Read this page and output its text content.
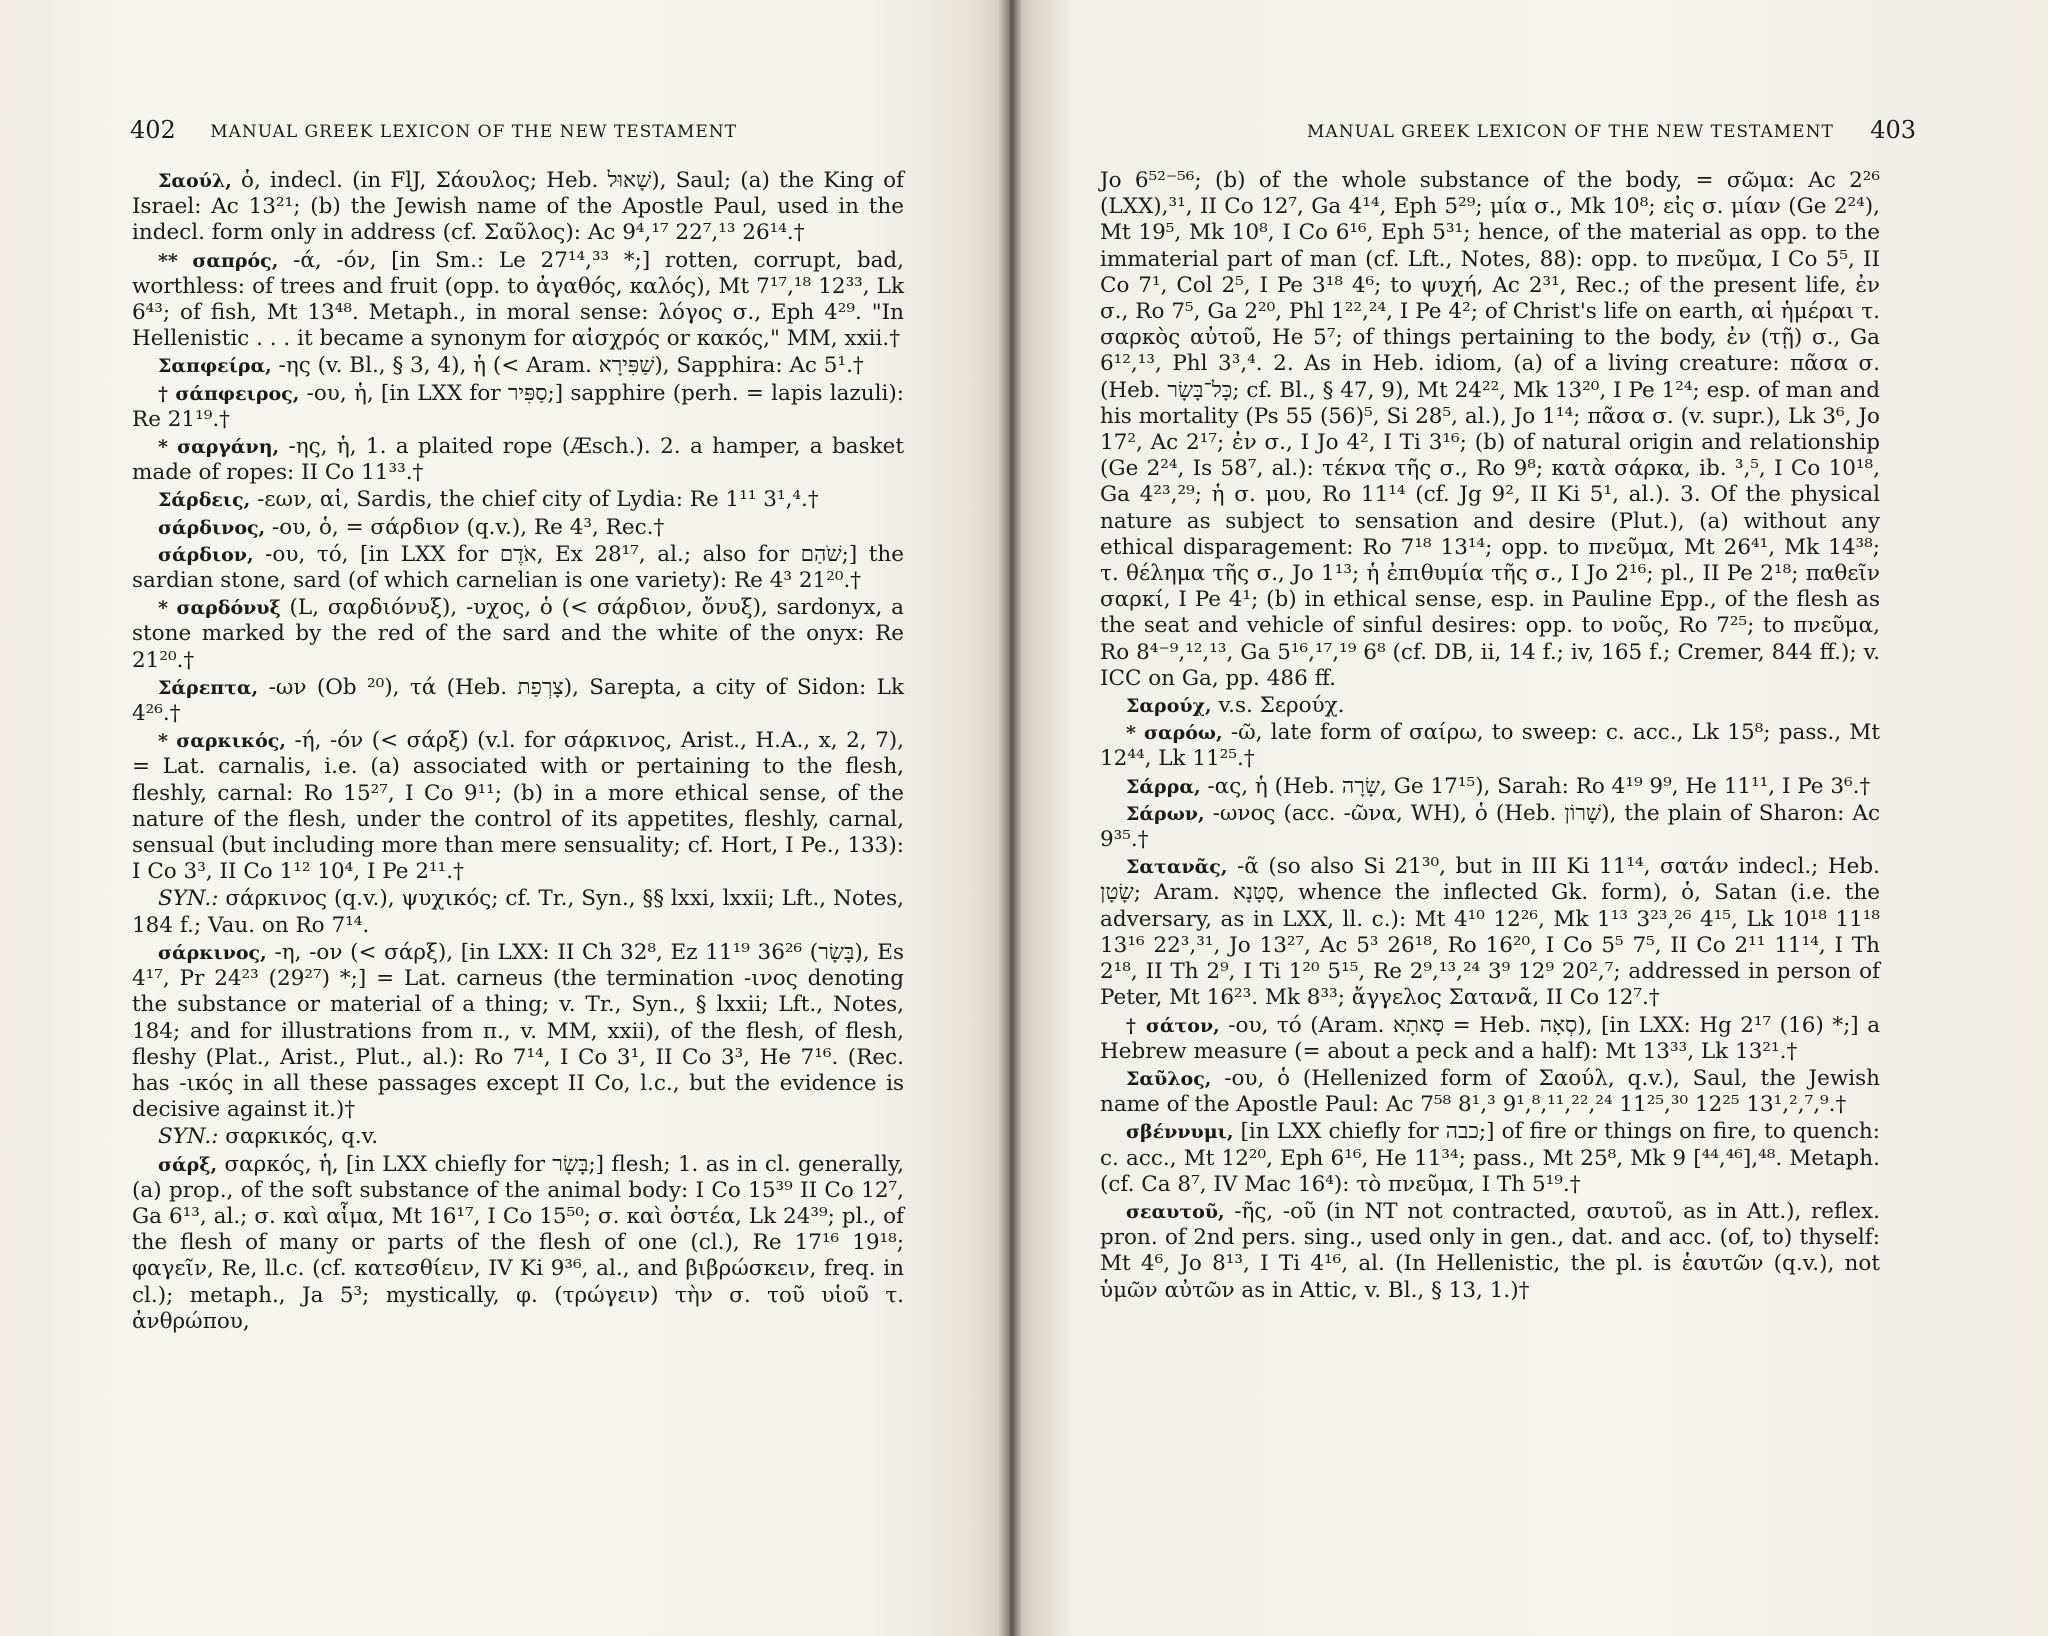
402 MANUAL GREEK LEXICON OF THE NEW TESTAMENT

Σαούλ, ὁ, indecl. (in FlJ, Σάουλος; Heb. שָׁאוּל), Saul; (a) the King of Israel: Ac 13²¹; (b) the Jewish name of the Apostle Paul, used in the indecl. form only in address (cf. Σαῦλος): Ac 9⁴,¹⁷ 22⁷,¹³ 26¹⁴.†

** σαπρός, -ά, -όν, [in Sm.: Le 27¹⁴,³³ *;] rotten, corrupt, bad, worthless: of trees and fruit (opp. to ἀγαθός, καλός), Mt 7¹⁷,¹⁸ 12³³, Lk 6⁴³; of fish, Mt 13⁴⁸. Metaph., in moral sense: λόγος σ., Eph 4²⁹. "In Hellenistic . . . it became a synonym for αἰσχρός or κακός," MM, xxii.†

Σαπφείρα, -ης (v. Bl., § 3, 4), ἡ (< Aram. שַׁפִּירָא), Sapphira: Ac 5¹.†

† σάπφειρος, -ου, ἡ, [in LXX for סַפִּיר;] sapphire (perh. = lapis lazuli): Re 21¹⁹.†

* σαργάνη, -ης, ἡ, 1. a plaited rope (Æsch.). 2. a hamper, a basket made of ropes: II Co 11³³.†

Σάρδεις, -εων, αἱ, Sardis, the chief city of Lydia: Re 1¹¹ 3¹,⁴.†

σάρδινος, -ου, ὁ, = σάρδιον (q.v.), Re 4³, Rec.†

σάρδιον, -ου, τό, [in LXX for אֹדֶם, Ex 28¹⁷, al.; also for שֹׁהַם;] the sardian stone, sard (of which carnelian is one variety): Re 4³ 21²⁰.†

* σαρδόνυξ (L, σαρδιόνυξ), -υχος, ὁ (< σάρδιον, ὄνυξ), sardonyx, a stone marked by the red of the sard and the white of the onyx: Re 21²⁰.†

Σάρεπτα, -ων (Ob ²⁰), τά (Heb. צָרְפַת), Sarepta, a city of Sidon: Lk 4²⁶.†

* σαρκικός, -ή, -όν (< σάρξ) (v.l. for σάρκινος, Arist., H.A., x, 2, 7), = Lat. carnalis, i.e. (a) associated with or pertaining to the flesh, fleshly, carnal: Ro 15²⁷, I Co 9¹¹; (b) in a more ethical sense, of the nature of the flesh, under the control of its appetites, fleshly, carnal, sensual (but including more than mere sensuality; cf. Hort, I Pe., 133): I Co 3³, II Co 1¹² 10⁴, I Pe 2¹¹.†

SYN.: σάρκινος (q.v.), ψυχικός; cf. Tr., Syn., §§ lxxi, lxxii; Lft., Notes, 184 f.; Vau. on Ro 7¹⁴.

σάρκινος, -η, -ον (< σάρξ), [in LXX: II Ch 32⁸, Ez 11¹⁹ 36²⁶ (בָּשָׂר), Es 4¹⁷, Pr 24²³ (29²⁷) *;] = Lat. carneus (the termination -ινος denoting the substance or material of a thing; v. Tr., Syn., § lxxii; Lft., Notes, 184; and for illustrations from π., v. MM, xxii), of the flesh, of flesh, fleshy (Plat., Arist., Plut., al.): Ro 7¹⁴, I Co 3¹, II Co 3³, He 7¹⁶. (Rec. has -ικός in all these passages except II Co, l.c., but the evidence is decisive against it.)†

SYN.: σαρκικός, q.v.

σάρξ, σαρκός, ἡ, [in LXX chiefly for בָּשָׂר;] flesh; 1. as in cl. generally, (a) prop., of the soft substance of the animal body: I Co 15³⁹ II Co 12⁷, Ga 6¹³, al.; σ. καὶ αἷμα, Mt 16¹⁷, I Co 15⁵⁰; σ. καὶ ὀστέα, Lk 24³⁹; pl., of the flesh of many or parts of the flesh of one (cl.), Re 17¹⁶ 19¹⁸; φαγεῖν, Re, ll.c. (cf. κατεσθίειν, IV Ki 9³⁶, al., and βιβρώσκειν, freq. in cl.); metaph., Ja 5³; mystically, φ. (τρώγειν) τὴν σ. τοῦ υἱοῦ τ. ἀνθρώπου,

MANUAL GREEK LEXICON OF THE NEW TESTAMENT 403

Jo 6⁵²⁻⁵⁶; (b) of the whole substance of the body, = σῶμα: Ac 2²⁶ (LXX),³¹, II Co 12⁷, Ga 4¹⁴, Eph 5²⁹; μία σ., Mk 10⁸; εἰς σ. μίαν (Ge 2²⁴), Mt 19⁵, Mk 10⁸, I Co 6¹⁶, Eph 5³¹; hence, of the material as opp. to the immaterial part of man (cf. Lft., Notes, 88): opp. to πνεῦμα, I Co 5⁵, II Co 7¹, Col 2⁵, I Pe 3¹⁸ 4⁶; to ψυχή, Ac 2³¹, Rec.; of the present life, ἐν σ., Ro 7⁵, Ga 2²⁰, Phl 1²²,²⁴, I Pe 4²; of Christ's life on earth, αἱ ἡμέραι τ. σαρκὸς αὐτοῦ, He 5⁷; of things pertaining to the body, ἐν (τῇ) σ., Ga 6¹²,¹³, Phl 3³,⁴. 2. As in Heb. idiom, (a) of a living creature: πᾶσα σ. (Heb. כָּל־בָּשָׂר; cf. Bl., § 47, 9), Mt 24²², Mk 13²⁰, I Pe 1²⁴; esp. of man and his mortality (Ps 55 (56)⁵, Si 28⁵, al.), Jo 1¹⁴; πᾶσα σ. (v. supr.), Lk 3⁶, Jo 17², Ac 2¹⁷; ἐν σ., I Jo 4², I Ti 3¹⁶; (b) of natural origin and relationship (Ge 2²⁴, Is 58⁷, al.): τέκνα τῆς σ., Ro 9⁸; κατὰ σάρκα, ib. ³,⁵, I Co 10¹⁸, Ga 4²³,²⁹; ἡ σ. μου, Ro 11¹⁴ (cf. Jg 9², II Ki 5¹, al.). 3. Of the physical nature as subject to sensation and desire (Plut.), (a) without any ethical disparagement: Ro 7¹⁸ 13¹⁴; opp. to πνεῦμα, Mt 26⁴¹, Mk 14³⁸; τ. θέλημα τῆς σ., Jo 1¹³; ἡ ἐπιθυμία τῆς σ., I Jo 2¹⁶; pl., II Pe 2¹⁸; παθεῖν σαρκί, I Pe 4¹; (b) in ethical sense, esp. in Pauline Epp., of the flesh as the seat and vehicle of sinful desires: opp. to νοῦς, Ro 7²⁵; to πνεῦμα, Ro 8⁴⁻⁹,¹²,¹³, Ga 5¹⁶,¹⁷,¹⁹ 6⁸ (cf. DB, ii, 14 f.; iv, 165 f.; Cremer, 844 ff.); v. ICC on Ga, pp. 486 ff.

Σαρούχ, v.s. Σερούχ.

* σαρόω, -ῶ, late form of σαίρω, to sweep: c. acc., Lk 15⁸; pass., Mt 12⁴⁴, Lk 11²⁵.†

Σάρρα, -ας, ἡ (Heb. שָׂרָה, Ge 17¹⁵), Sarah: Ro 4¹⁹ 9⁹, He 11¹¹, I Pe 3⁶.†

Σάρων, -ωνος (acc. -ῶνα, WH), ὁ (Heb. שָׁרוֹן), the plain of Sharon: Ac 9³⁵.†

Σατανᾶς, -ᾶ (so also Si 21³⁰, but in III Ki 11¹⁴, σατάν indecl.; Heb. שָׂטָן; Aram. סָטָנָא, whence the inflected Gk. form), ὁ, Satan (i.e. the adversary, as in LXX, ll. c.): Mt 4¹⁰ 12²⁶, Mk 1¹³ 3²³,²⁶ 4¹⁵, Lk 10¹⁸ 11¹⁸ 13¹⁶ 22³,³¹, Jo 13²⁷, Ac 5³ 26¹⁸, Ro 16²⁰, I Co 5⁵ 7⁵, II Co 2¹¹ 11¹⁴, I Th 2¹⁸, II Th 2⁹, I Ti 1²⁰ 5¹⁵, Re 2⁹,¹³,²⁴ 3⁹ 12⁹ 20²,⁷; addressed in person of Peter, Mt 16²³. Mk 8³³; ἄγγελος Σατανᾶ, II Co 12⁷.†

† σάτον, -ου, τό (Aram. סָאתָא = Heb. סְאָה), [in LXX: Hg 2¹⁷ (16) *;] a Hebrew measure (= about a peck and a half): Mt 13³³, Lk 13²¹.†

Σαῦλος, -ου, ὁ (Hellenized form of Σαούλ, q.v.), Saul, the Jewish name of the Apostle Paul: Ac 7⁵⁸ 8¹,³ 9¹,⁸,¹¹,²²,²⁴ 11²⁵,³⁰ 12²⁵ 13¹,²,⁷,⁹.†

σβέννυμι, [in LXX chiefly for כבה;] of fire or things on fire, to quench: c. acc., Mt 12²⁰, Eph 6¹⁶, He 11³⁴; pass., Mt 25⁸, Mk 9 [⁴⁴,⁴⁶],⁴⁸. Metaph. (cf. Ca 8⁷, IV Mac 16⁴): τὸ πνεῦμα, I Th 5¹⁹.†

σεαυτοῦ, -ῆς, -οῦ (in NT not contracted, σαυτοῦ, as in Att.), reflex. pron. of 2nd pers. sing., used only in gen., dat. and acc. (of, to) thyself: Mt 4⁶, Jo 8¹³, I Ti 4¹⁶, al. (In Hellenistic, the pl. is ἑαυτῶν (q.v.), not ὑμῶν αὐτῶν as in Attic, v. Bl., § 13, 1.)†
